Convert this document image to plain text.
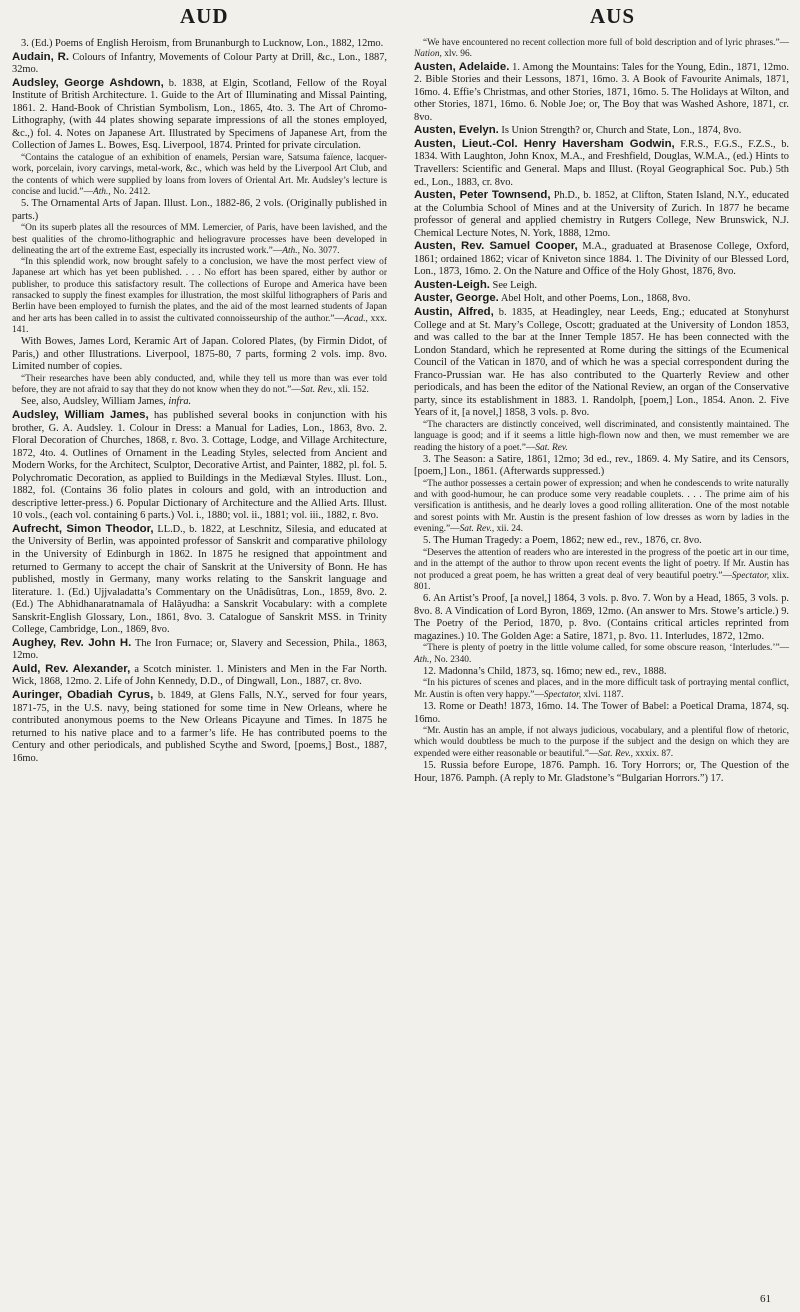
AUD	AUS

3. (Ed.) Poems of English Heroism, from Brunanburgh to Lucknow, Lon., 1882, 12mo.

Audain, R. Colours of Infantry, Movements of Colour Party at Drill, &c., Lon., 1887, 32mo.

Audsley, George Ashdown, b. 1838, at Elgin, Scotland, Fellow of the Royal Institute of British Architecture. 1. Guide to the Art of Illuminating and Missal Painting, 1861. 2. Hand-Book of Christian Symbolism, Lon., 1865, 4to. 3. The Art of Chromo-Lithography, (with 44 plates showing separate impressions of all the stones employed, &c.,) fol. 4. Notes on Japanese Art. Illustrated by Specimens of Japanese Art, from the Collection of James L. Bowes, Esq. Liverpool, 1874. Printed for private circulation.

“Contains the catalogue of an exhibition of enamels, Persian ware, Satsuma faïence, lacquer-work, porcelain, ivory carvings, metal-work, &c., which was held by the Liverpool Art Club, and the contents of which were supplied by loans from lovers of Oriental Art. Mr. Audsley’s lecture is concise and lucid.”—Ath., No. 2412.

5. The Ornamental Arts of Japan. Illust. Lon., 1882-86, 2 vols. (Originally published in parts.)

“On its superb plates all the resources of MM. Lemercier, of Paris, have been lavished, and the best qualities of the chromo-lithographic and heliogravure processes have been developed in delineating the art of the extreme East, especially its incrusted work.”—Ath., No. 3077.

“In this splendid work, now brought safely to a conclusion, we have the most perfect view of Japanese art which has yet been published. . . . No effort has been spared, either by author or publisher, to produce this satisfactory result. The collections of Europe and America have been ransacked to supply the finest examples for illustration, the most skilful lithographers of Paris and Berlin have been employed to furnish the plates, and the aid of the most learned students of Japan and her arts has been called in to assist the cultivated connoisseurship of the author.”—Acad., xxx. 141.

With Bowes, James Lord, Keramic Art of Japan. Colored Plates, (by Firmin Didot, of Paris,) and other Illustrations. Liverpool, 1875-80, 7 parts, forming 2 vols. imp. 8vo. Limited number of copies.

“Their researches have been ably conducted, and, while they tell us more than was ever told before, they are not afraid to say that they do not know when they do not.”—Sat. Rev., xli. 152.

See, also, Audsley, William James, infra.

Audsley, William James, has published several books in conjunction with his brother, G. A. Audsley. 1. Colour in Dress: a Manual for Ladies, Lon., 1863, 8vo. 2. Floral Decoration of Churches, 1868, r. 8vo. 3. Cottage, Lodge, and Village Architecture, 1872, 4to. 4. Outlines of Ornament in the Leading Styles, selected from Ancient and Modern Works, for the Architect, Sculptor, Decorative Artist, and Painter, 1882, pl. fol. 5. Polychromatic Decoration, as applied to Buildings in the Mediæval Styles. Illust. Lon., 1882, fol. (Contains 36 folio plates in colours and gold, with an introduction and descriptive letter-press.) 6. Popular Dictionary of Architecture and the Allied Arts. Illust. 10 vols., (each vol. containing 6 parts.) Vol. i., 1880; vol. ii., 1881; vol. iii., 1882, r. 8vo.

Aufrecht, Simon Theodor, LL.D., b. 1822, at Leschnitz, Silesia, and educated at the University of Berlin, was appointed professor of Sanskrit and comparative philology in the University of Edinburgh in 1862. In 1875 he resigned that appointment and returned to Germany to accept the chair of Sanskrit at the University of Bonn. He has published, mostly in Germany, many works relating to the Sanskrit language and literature. 1. (Ed.) Ujjvaladatta’s Commentary on the Unâdisûtras, Lon., 1859, 8vo. 2. (Ed.) The Abhidhanaratnamala of Halâyudha: a Sanskrit Vocabulary: with a complete Sanskrit-English Glossary, Lon., 1861, 8vo. 3. Catalogue of Sanskrit MSS. in Trinity College, Cambridge, Lon., 1869, 8vo.

Aughey, Rev. John H. The Iron Furnace; or, Slavery and Secession, Phila., 1863, 12mo.

Auld, Rev. Alexander, a Scotch minister. 1. Ministers and Men in the Far North. Wick, 1868, 12mo. 2. Life of John Kennedy, D.D., of Dingwall, Lon., 1887, cr. 8vo.

Auringer, Obadiah Cyrus, b. 1849, at Glens Falls, N.Y., served for four years, 1871-75, in the U.S. navy, being stationed for some time in New Orleans, where he contributed anonymous poems to the New Orleans Picayune and Times. In 1875 he returned to his native place and to a farmer’s life. He has contributed poems to the Century and other periodicals, and published Scythe and Sword, [poems,] Bost., 1887, 16mo.

“We have encountered no recent collection more full of bold description and of lyric phrases.”—Nation, xlv. 96.

Austen, Adelaide. 1. Among the Mountains: Tales for the Young, Edin., 1871, 12mo. 2. Bible Stories and their Lessons, 1871, 16mo. 3. A Book of Favourite Animals, 1871, 16mo. 4. Effie’s Christmas, and other Stories, 1871, 16mo. 5. The Holidays at Wilton, and other Stories, 1871, 16mo. 6. Noble Joe; or, The Boy that was Washed Ashore, 1871, cr. 8vo.

Austen, Evelyn. Is Union Strength? or, Church and State, Lon., 1874, 8vo.

Austen, Lieut.-Col. Henry Haversham Godwin, F.R.S., F.G.S., F.Z.S., b. 1834. With Laughton, John Knox, M.A., and Freshfield, Douglas, W.M.A., (ed.) Hints to Travellers: Scientific and General. Maps and Illust. (Royal Geographical Soc. Pub.) 5th ed., Lon., 1883, cr. 8vo.

Austen, Peter Townsend, Ph.D., b. 1852, at Clifton, Staten Island, N.Y., educated at the Columbia School of Mines and at the University of Zurich. In 1877 he became professor of general and applied chemistry in Rutgers College, New Brunswick, N.J. Chemical Lecture Notes, N. York, 1888, 12mo.

Austen, Rev. Samuel Cooper, M.A., graduated at Brasenose College, Oxford, 1861; ordained 1862; vicar of Kniveton since 1884. 1. The Divinity of our Blessed Lord, Lon., 1873, 16mo. 2. On the Nature and Office of the Holy Ghost, 1876, 8vo.

Austen-Leigh. See Leigh.

Auster, George. Abel Holt, and other Poems, Lon., 1868, 8vo.

Austin, Alfred, b. 1835, at Headingley, near Leeds, Eng.; educated at Stonyhurst College and at St. Mary’s College, Oscott; graduated at the University of London 1853, and was called to the bar at the Inner Temple 1857. He has been connected with the London Standard, which he represented at Rome during the sittings of the Ecumenical Council of the Vatican in 1870, and of which he was a special correspondent during the Franco-Prussian war. He has also contributed to the Quarterly Review and other periodicals, and has been the editor of the National Review, an organ of the Conservative party, since its establishment in 1883. 1. Randolph, [poem,] Lon., 1854. Anon. 2. Five Years of it, [a novel,] 1858, 3 vols. p. 8vo.

“The characters are distinctly conceived, well discriminated, and consistently maintained. The language is good; and if it seems a little high-flown now and then, we must remember we are reading the history of a poet.”—Sat. Rev.

3. The Season: a Satire, 1861, 12mo; 3d ed., rev., 1869. 4. My Satire, and its Censors, [poem,] Lon., 1861. (Afterwards suppressed.)

“The author possesses a certain power of expression; and when he condescends to write naturally and with good-humour, he can produce some very readable couplets. . . . The prime aim of his versification is antithesis, and he dearly loves a good rolling alliteration. One of the most notable and sorest points with Mr. Austin is the present fashion of low dresses as worn by ladies in the evening.”—Sat. Rev., xii. 24.

5. The Human Tragedy: a Poem, 1862; new ed., rev., 1876, cr. 8vo.

“Deserves the attention of readers who are interested in the progress of the poetic art in our time, and in the attempt of the author to throw upon recent events the light of poetry. If Mr. Austin has not produced a great poem, he has written a great deal of very beautiful poetry.”—Spectator, xlix. 801.

6. An Artist’s Proof, [a novel,] 1864, 3 vols. p. 8vo. 7. Won by a Head, 1865, 3 vols. p. 8vo. 8. A Vindication of Lord Byron, 1869, 12mo. (An answer to Mrs. Stowe’s article.) 9. The Poetry of the Period, 1870, p. 8vo. (Contains critical articles reprinted from magazines.) 10. The Golden Age: a Satire, 1871, p. 8vo. 11. Interludes, 1872, 12mo.

“There is plenty of poetry in the little volume called, for some obscure reason, ‘Interludes.’”—Ath., No. 2340.

12. Madonna’s Child, 1873, sq. 16mo; new ed., rev., 1888.

“In his pictures of scenes and places, and in the more difficult task of portraying mental conflict, Mr. Austin is often very happy.”—Spectator, xlvi. 1187.

13. Rome or Death! 1873, 16mo. 14. The Tower of Babel: a Poetical Drama, 1874, sq. 16mo.

“Mr. Austin has an ample, if not always judicious, vocabulary, and a plentiful flow of rhetoric, which would doubtless be much to the purpose if the subject and the design on which they are expended were either reasonable or beautiful.”—Sat. Rev., xxxix. 87.

15. Russia before Europe, 1876. Pamph. 16. Tory Horrors; or, The Question of the Hour, 1876. Pamph. (A reply to Mr. Gladstone’s “Bulgarian Horrors.”) 17.

61
